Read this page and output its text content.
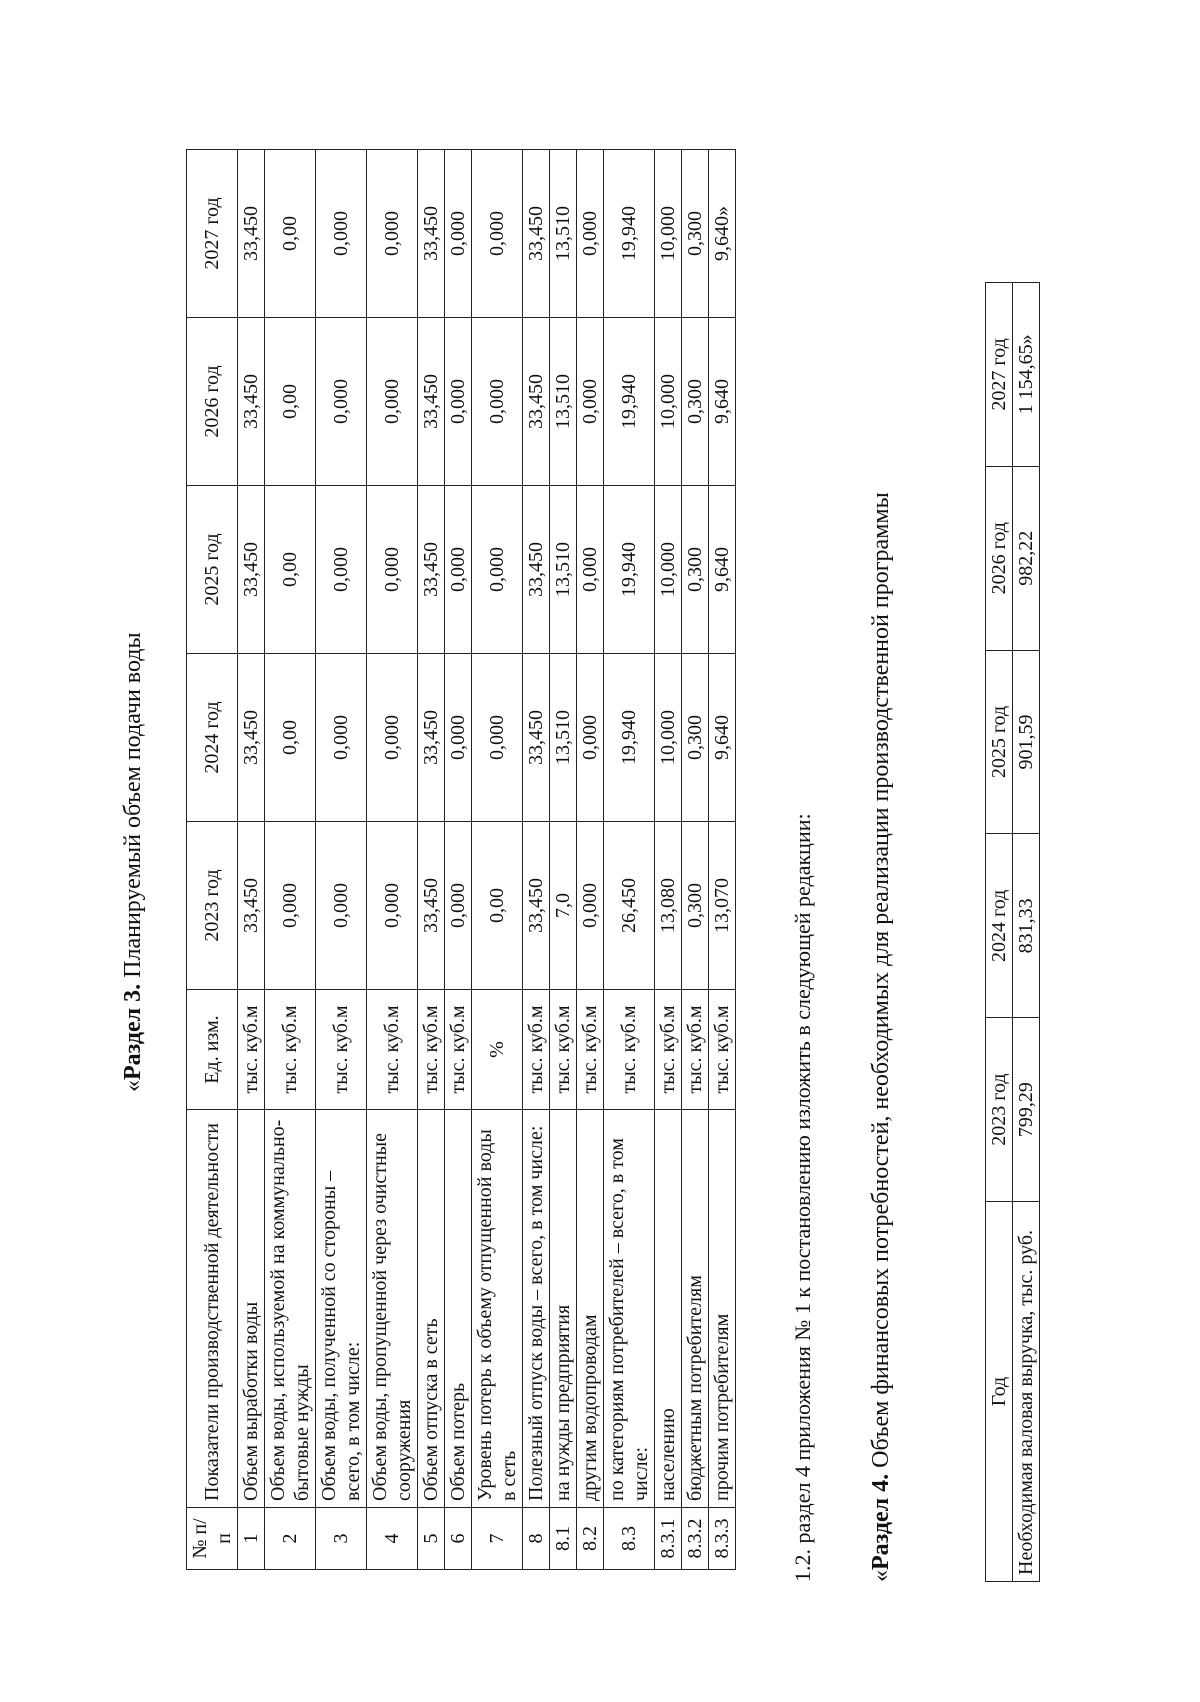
«Раздел 3. Планируемый объем подачи воды
№ п/п	Показатели производственной деятельности	Ед. изм.	2023 год	2024 год	2025 год	2026 год	2027 год
1	Объем выработки воды	тыс. куб.м	33,450	33,450	33,450	33,450	33,450
2	Объем воды, используемой на коммунально-бытовые нужды	тыс. куб.м	0,000	0,00	0,00	0,00	0,00
3	Объем воды, полученной со стороны – всего, в том числе:	тыс. куб.м	0,000	0,000	0,000	0,000	0,000
4	Объем воды, пропущенной через очистные сооружения	тыс. куб.м	0,000	0,000	0,000	0,000	0,000
5	Объем отпуска в сеть	тыс. куб.м	33,450	33,450	33,450	33,450	33,450
6	Объем потерь	тыс. куб.м	0,000	0,000	0,000	0,000	0,000
7	Уровень потерь к объему отпущенной воды в сеть	%	0,00	0,000	0,000	0,000	0,000
8	Полезный отпуск воды – всего, в том числе:	тыс. куб.м	33,450	33,450	33,450	33,450	33,450
8.1	на нужды предприятия	тыс. куб.м	7,0	13,510	13,510	13,510	13,510
8.2	другим водопроводам	тыс. куб.м	0,000	0,000	0,000	0,000	0,000
8.3	по категориям потребителей – всего, в том числе:	тыс. куб.м	26,450	19,940	19,940	19,940	19,940
8.3.1	населению	тыс. куб.м	13,080	10,000	10,000	10,000	10,000
8.3.2	бюджетным потребителям	тыс. куб.м	0,300	0,300	0,300	0,300	0,300
8.3.3	прочим потребителям	тыс. куб.м	13,070	9,640	9,640	9,640	9,640»
1.2. раздел 4 приложения № 1 к постановлению изложить в следующей редакции: «Раздел 4. Объем финансовых потребностей, необходимых для реализации производственной программы	Год	2023 год	2024 год	2025 год	2026 год	2027 год
Необходимая валовая выручка, тыс. руб.	799,29	831,33	901,59	982,22	1 154,65»
